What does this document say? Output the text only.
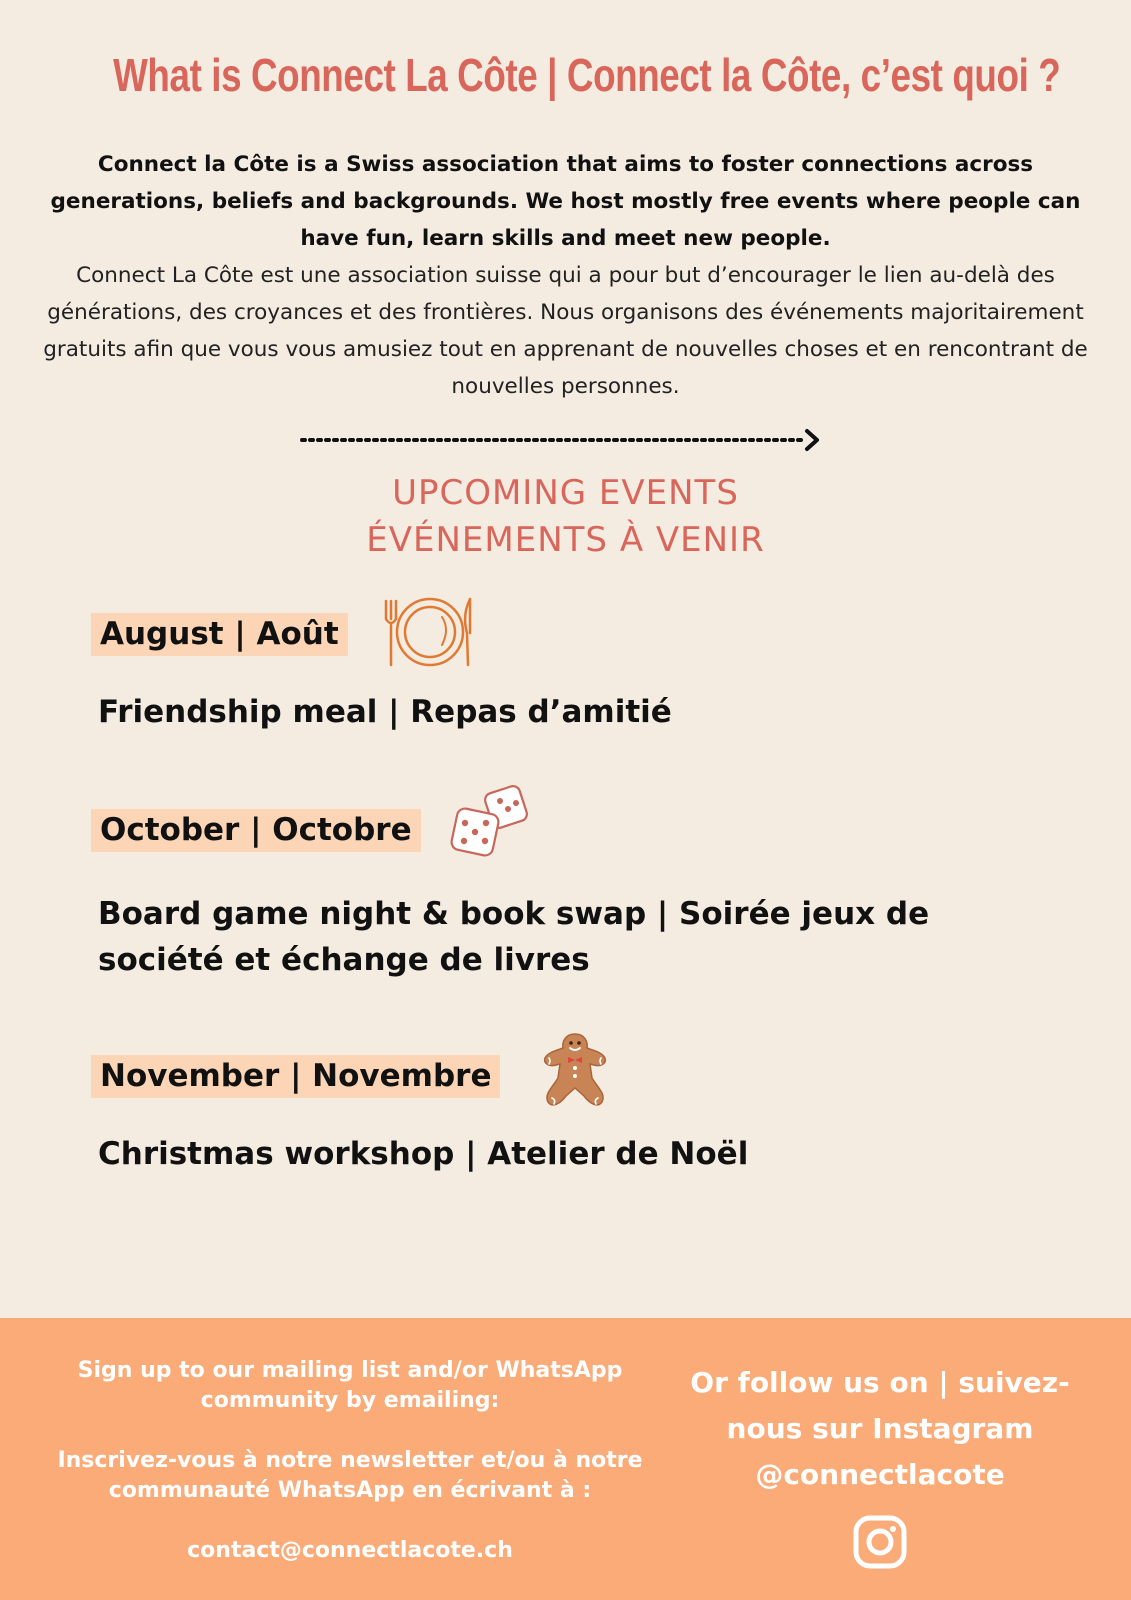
What is Connect La Côte | Connect la Côte, c’est quoi ?
Connect la Côte is a Swiss association that aims to foster connections across generations, beliefs and backgrounds. We host mostly free events where people can have fun, learn skills and meet new people.
Connect La Côte est une association suisse qui a pour but d’encourager le lien au-delà des générations, des croyances et des frontières. Nous organisons des événements majoritairement gratuits afin que vous vous amusiez tout en apprenant de nouvelles choses et en rencontrant de nouvelles personnes.
UPCOMING EVENTS
ÉVÉNEMENTS À VENIR
August | Août
Friendship meal | Repas d’amitié
October | Octobre
Board game night & book swap | Soirée jeux de société et échange de livres
November | Novembre
Christmas workshop | Atelier de Noël

Sign up to our mailing list and/or WhatsApp community by emailing:

Inscrivez-vous à notre newsletter et/ou à notre communauté WhatsApp en écrivant à :

contact@connectlacote.ch

Or follow us on | suivez-nous sur Instagram
@connectlacote
